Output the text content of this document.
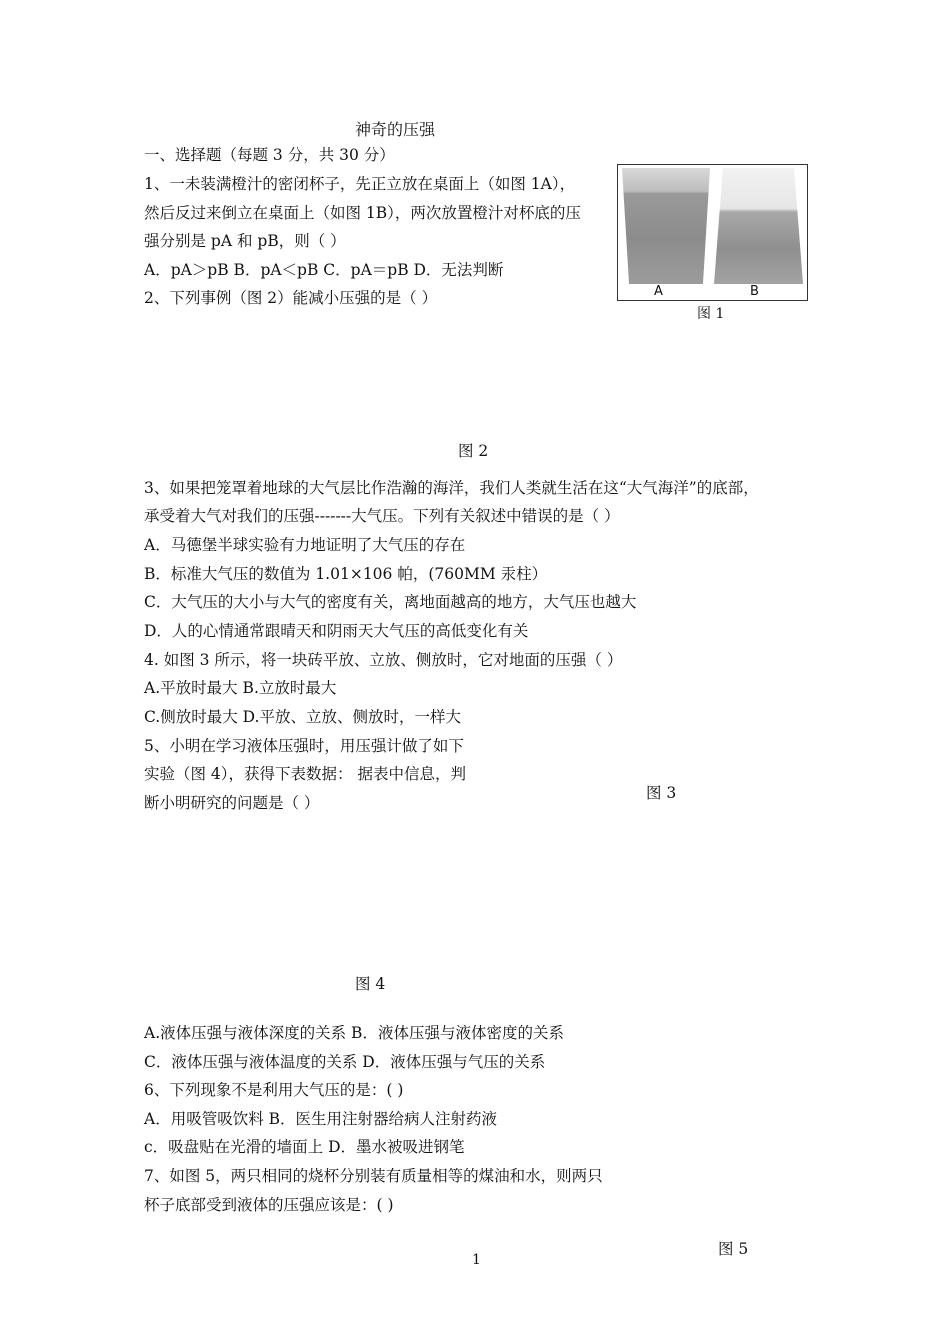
神奇的压强
一、选择题（每题 3 分，共 30 分）
1、一未装满橙汁的密闭杯子，先正立放在桌面上（如图 1A），
然后反过来倒立在桌面上（如图 1B），两次放置橙汁对杯底的压
强分别是 pA 和 pB，则（ ）
A．pA＞pB B．pA＜pB C．pA＝pB D．无法判断
A	B
图 1
2、下列事例（图 2）能减小压强的是（ ）
图 2
3、如果把笼罩着地球的大气层比作浩瀚的海洋，我们人类就生活在这“大气海洋”的底部，
承受着大气对我们的压强-------大气压。下列有关叙述中错误的是（ ）
A．马德堡半球实验有力地证明了大气压的存在
B．标准大气压的数值为 1.01×106 帕，(760MM 汞柱）
C．大气压的大小与大气的密度有关，离地面越高的地方，大气压也越大
D．人的心情通常跟晴天和阴雨天大气压的高低变化有关
4. 如图 3 所示，将一块砖平放、立放、侧放时，它对地面的压强（ ）
A.平放时最大 B.立放时最大
C.侧放时最大 D.平放、立放、侧放时，一样大
5、小明在学习液体压强时，用压强计做了如下
实验（图 4），获得下表数据： 据表中信息，判
断小明研究的问题是（ ）
图 3
图 4
A.液体压强与液体深度的关系 B．液体压强与液体密度的关系
C．液体压强与液体温度的关系 D．液体压强与气压的关系
6、下列现象不是利用大气压的是：( )
A．用吸管吸饮料 B．医生用注射器给病人注射药液
c．吸盘贴在光滑的墙面上 D．墨水被吸进钢笔
7、如图 5，两只相同的烧杯分别装有质量相等的煤油和水，则两只
杯子底部受到液体的压强应该是：( )
图 5
1
